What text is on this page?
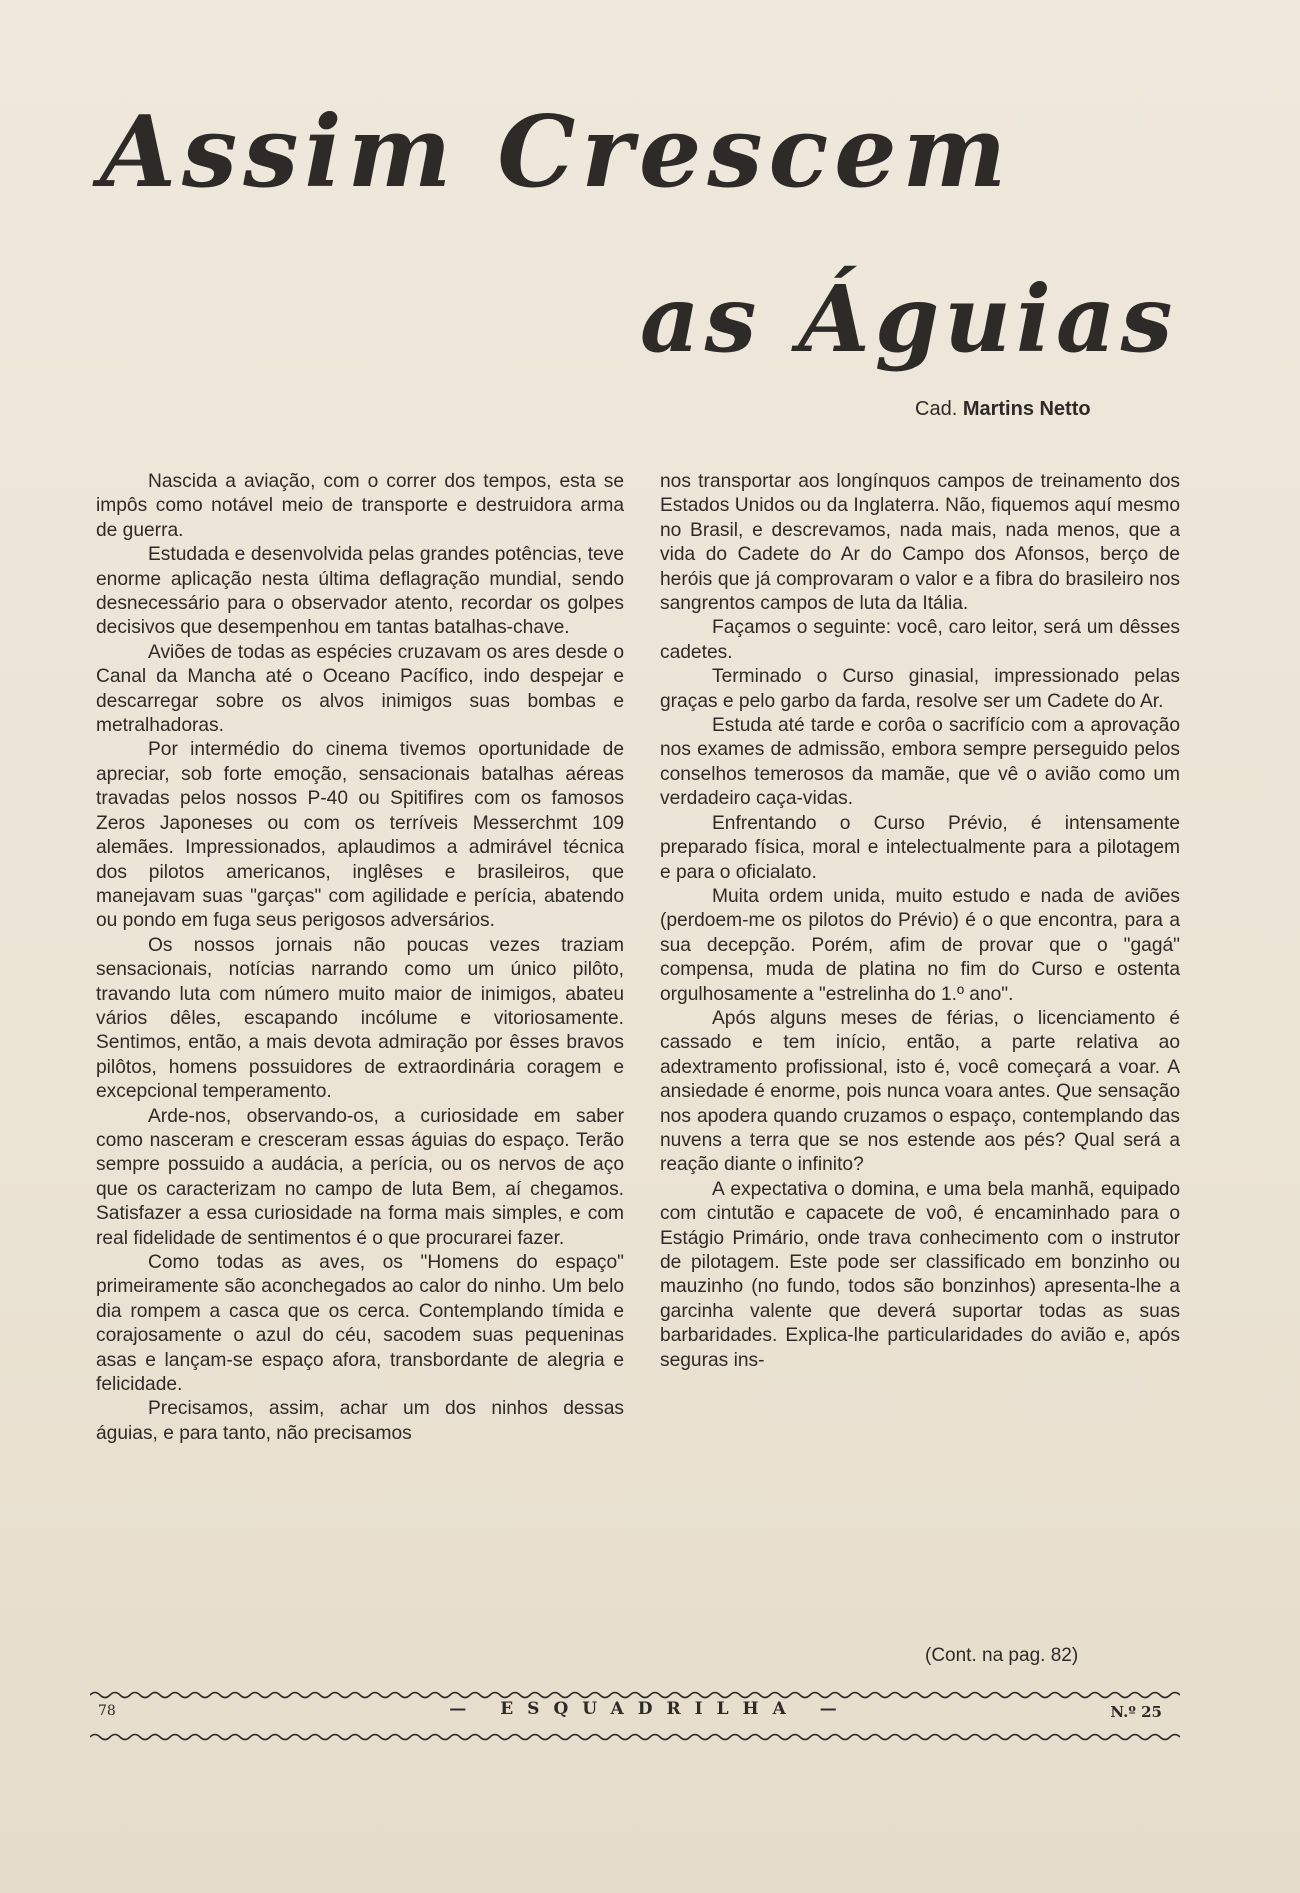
Assim Crescem
as Águias
Cad. Martins Netto

Nascida a aviação, com o correr dos tempos, esta se impôs como notável meio de transporte e destruidora arma de guerra.

Estudada e desenvolvida pelas grandes potências, teve enorme aplicação nesta última deflagração mundial, sendo desnecessário para o observador atento, recordar os golpes decisivos que desempenhou em tantas batalhas-chave.

Aviões de todas as espécies cruzavam os ares desde o Canal da Mancha até o Oceano Pacífico, indo despejar e descarregar sobre os alvos inimigos suas bombas e metralhadoras.

Por intermédio do cinema tivemos oportunidade de apreciar, sob forte emoção, sensacionais batalhas aéreas travadas pelos nossos P-40 ou Spitifires com os famosos Zeros Japoneses ou com os terríveis Messerchmt 109 alemães. Impressionados, aplaudimos a admirável técnica dos pilotos americanos, inglêses e brasileiros, que manejavam suas "garças" com agilidade e perícia, abatendo ou pondo em fuga seus perigosos adversários.

Os nossos jornais não poucas vezes traziam sensacionais, notícias narrando como um único pilôto, travando luta com número muito maior de inimigos, abateu vários dêles, escapando incólume e vitoriosamente. Sentimos, então, a mais devota admiração por êsses bravos pilôtos, homens possuidores de extraordinária coragem e excepcional temperamento.

Arde-nos, observando-os, a curiosidade em saber como nasceram e cresceram essas águias do espaço. Terão sempre possuido a audácia, a perícia, ou os nervos de aço que os caracterizam no campo de luta Bem, aí chegamos. Satisfazer a essa curiosidade na forma mais simples, e com real fidelidade de sentimentos é o que procurarei fazer.

Como todas as aves, os "Homens do espaço" primeiramente são aconchegados ao calor do ninho. Um belo dia rompem a casca que os cerca. Contemplando tímida e corajosamente o azul do céu, sacodem suas pequeninas asas e lançam-se espaço afora, transbordante de alegria e felicidade.

Precisamos, assim, achar um dos ninhos dessas águias, e para tanto, não precisamos

nos transportar aos longínquos campos de treinamento dos Estados Unidos ou da Inglaterra. Não, fiquemos aquí mesmo no Brasil, e descrevamos, nada mais, nada menos, que a vida do Cadete do Ar do Campo dos Afonsos, berço de heróis que já comprovaram o valor e a fibra do brasileiro nos sangrentos campos de luta da Itália.

Façamos o seguinte: você, caro leitor, será um dêsses cadetes.

Terminado o Curso ginasial, impressionado pelas graças e pelo garbo da farda, resolve ser um Cadete do Ar.

Estuda até tarde e corôa o sacrifício com a aprovação nos exames de admissão, embora sempre perseguido pelos conselhos temerosos da mamãe, que vê o avião como um verdadeiro caça-vidas.

Enfrentando o Curso Prévio, é intensamente preparado física, moral e intelectualmente para a pilotagem e para o oficialato.

Muita ordem unida, muito estudo e nada de aviões (perdoem-me os pilotos do Prévio) é o que encontra, para a sua decepção. Porém, afim de provar que o "gagá" compensa, muda de platina no fim do Curso e ostenta orgulhosamente a "estrelinha do 1.º ano".

Após alguns meses de férias, o licenciamento é cassado e tem início, então, a parte relativa ao adextramento profissional, isto é, você começará a voar. A ansiedade é enorme, pois nunca voara antes. Que sensação nos apodera quando cruzamos o espaço, contemplando das nuvens a terra que se nos estende aos pés? Qual será a reação diante o infinito?

A expectativa o domina, e uma bela manhã, equipado com cintutão e capacete de voô, é encaminhado para o Estágio Primário, onde trava conhecimento com o instrutor de pilotagem. Este pode ser classificado em bonzinho ou mauzinho (no fundo, todos são bonzinhos) apresenta-lhe a garcinha valente que deverá suportar todas as suas barbaridades. Explica-lhe particularidades do avião e, após seguras ins-

(Cont. na pag. 82)
78	— ESQUADRILHA —	N.º 25
